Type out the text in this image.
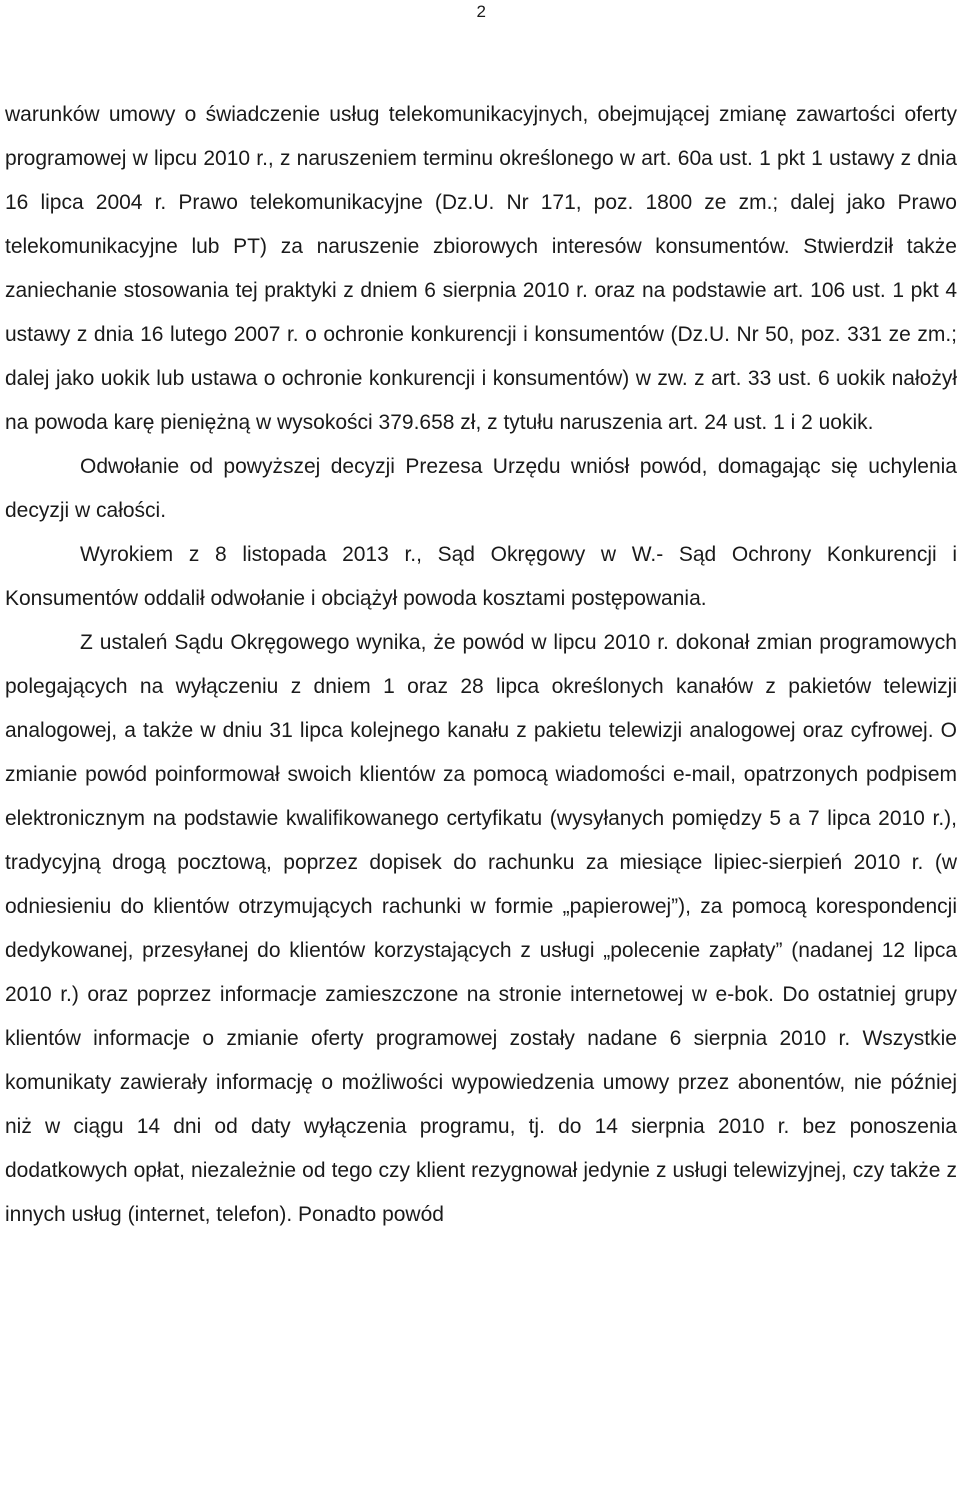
2

warunków umowy o świadczenie usług telekomunikacyjnych, obejmującej zmianę zawartości oferty programowej w lipcu 2010 r., z naruszeniem terminu określonego w art. 60a ust. 1 pkt 1 ustawy z dnia 16 lipca 2004 r. Prawo telekomunikacyjne (Dz.U. Nr 171, poz. 1800 ze zm.; dalej jako Prawo telekomunikacyjne lub PT) za naruszenie zbiorowych interesów konsumentów. Stwierdził także zaniechanie stosowania tej praktyki z dniem 6 sierpnia 2010 r. oraz na podstawie art. 106 ust. 1 pkt 4 ustawy z dnia 16 lutego 2007 r. o ochronie konkurencji i konsumentów (Dz.U. Nr 50, poz. 331 ze zm.; dalej jako uokik lub ustawa o ochronie konkurencji i konsumentów) w zw. z art. 33 ust. 6 uokik nałożył na powoda karę pieniężną w wysokości 379.658 zł, z tytułu naruszenia art. 24 ust. 1 i 2 uokik.

Odwołanie od powyższej decyzji Prezesa Urzędu wniósł powód, domagając się uchylenia decyzji w całości.

Wyrokiem z 8 listopada 2013 r., Sąd Okręgowy w W.- Sąd Ochrony Konkurencji i Konsumentów oddalił odwołanie i obciążył powoda kosztami postępowania.

Z ustaleń Sądu Okręgowego wynika, że powód w lipcu 2010 r. dokonał zmian programowych polegających na wyłączeniu z dniem 1 oraz 28 lipca określonych kanałów z pakietów telewizji analogowej, a także w dniu 31 lipca kolejnego kanału z pakietu telewizji analogowej oraz cyfrowej. O zmianie powód poinformował swoich klientów za pomocą wiadomości e-mail, opatrzonych podpisem elektronicznym na podstawie kwalifikowanego certyfikatu (wysyłanych pomiędzy 5 a 7 lipca 2010 r.), tradycyjną drogą pocztową, poprzez dopisek do rachunku za miesiące lipiec-sierpień 2010 r. (w odniesieniu do klientów otrzymujących rachunki w formie „papierowej”), za pomocą korespondencji dedykowanej, przesyłanej do klientów korzystających z usługi „polecenie zapłaty” (nadanej 12 lipca 2010 r.) oraz poprzez informacje zamieszczone na stronie internetowej w e-bok. Do ostatniej grupy klientów informacje o zmianie oferty programowej zostały nadane 6 sierpnia 2010 r. Wszystkie komunikaty zawierały informację o możliwości wypowiedzenia umowy przez abonentów, nie później niż w ciągu 14 dni od daty wyłączenia programu, tj. do 14 sierpnia 2010 r. bez ponoszenia dodatkowych opłat, niezależnie od tego czy klient rezygnował jedynie z usługi telewizyjnej, czy także z innych usług (internet, telefon). Ponadto powód
